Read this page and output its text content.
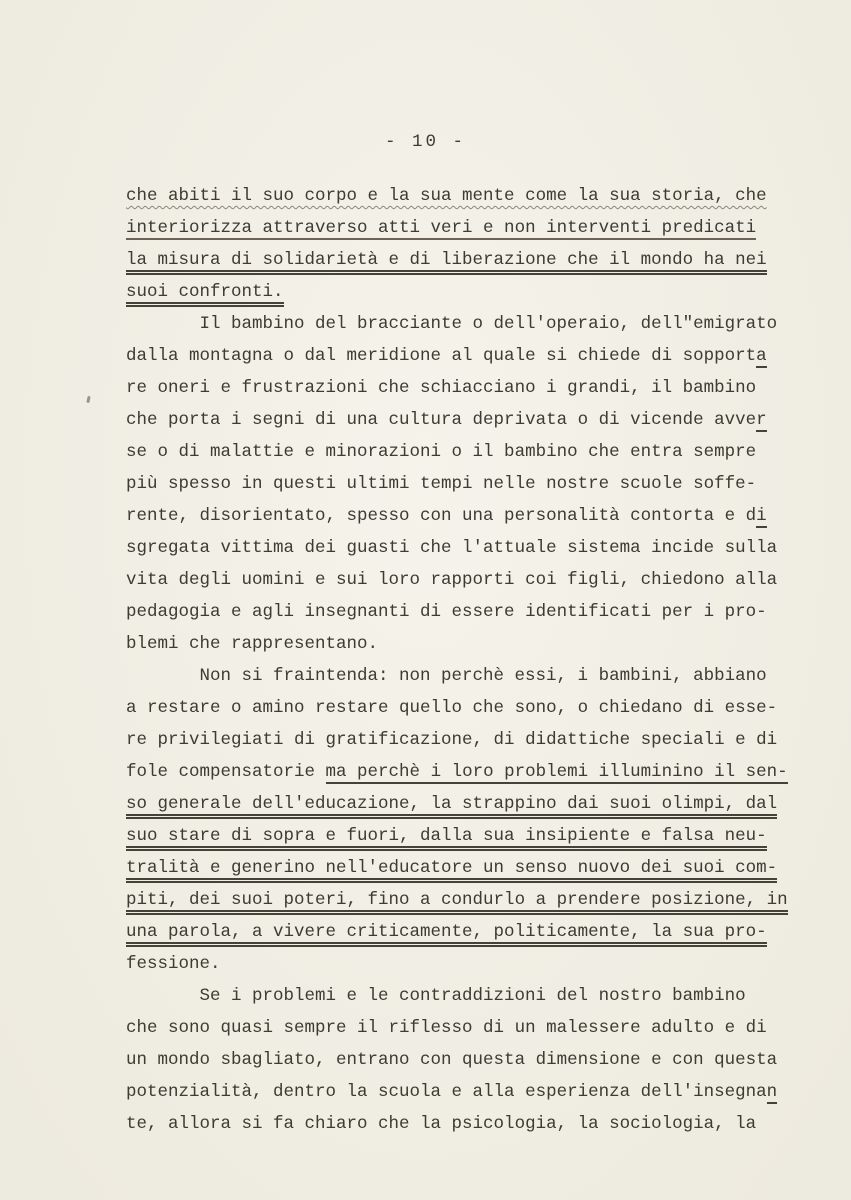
- 10 -
che abiti il suo corpo e la sua mente come la sua storia, che
interiorizza attraverso atti veri e non interventi predicati
la misura di solidarietà e di liberazione che il mondo ha nei
suoi confronti.
Il bambino del bracciante o dell'operaio, dell"emigrato
dalla montagna o dal meridione al quale si chiede di sopporta
re oneri e frustrazioni che schiacciano i grandi, il bambino
che porta i segni di una cultura deprivata o di vicende avver
se o di malattie e minorazioni o il bambino che entra sempre
più spesso in questi ultimi tempi nelle nostre scuole soffe-
rente, disorientato, spesso con una personalità contorta e di
sgregata vittima dei guasti che l'attuale sistema incide sulla
vita degli uomini e sui loro rapporti coi figli, chiedono alla
pedagogia e agli insegnanti di essere identificati per i pro-
blemi che rappresentano.
Non si fraintenda: non perchè essi, i bambini, abbiano
a restare o amino restare quello che sono, o chiedano di esse-
re privilegiati di gratificazione, di didattiche speciali e di
fole compensatorie ma perchè i loro problemi illuminino il sen-
so generale dell'educazione, la strappino dai suoi olimpi, dal
suo stare di sopra e fuori, dalla sua insipiente e falsa neu-
tralità e generino nell'educatore un senso nuovo dei suoi com-
piti, dei suoi poteri, fino a condurlo a prendere posizione, in
una parola, a vivere criticamente, politicamente, la sua pro-
fessione.
Se i problemi e le contraddizioni del nostro bambino
che sono quasi sempre il riflesso di un malessere adulto e di
un mondo sbagliato, entrano con questa dimensione e con questa
potenzialità, dentro la scuola e alla esperienza dell'insegnan
te, allora si fa chiaro che la psicologia, la sociologia, la
